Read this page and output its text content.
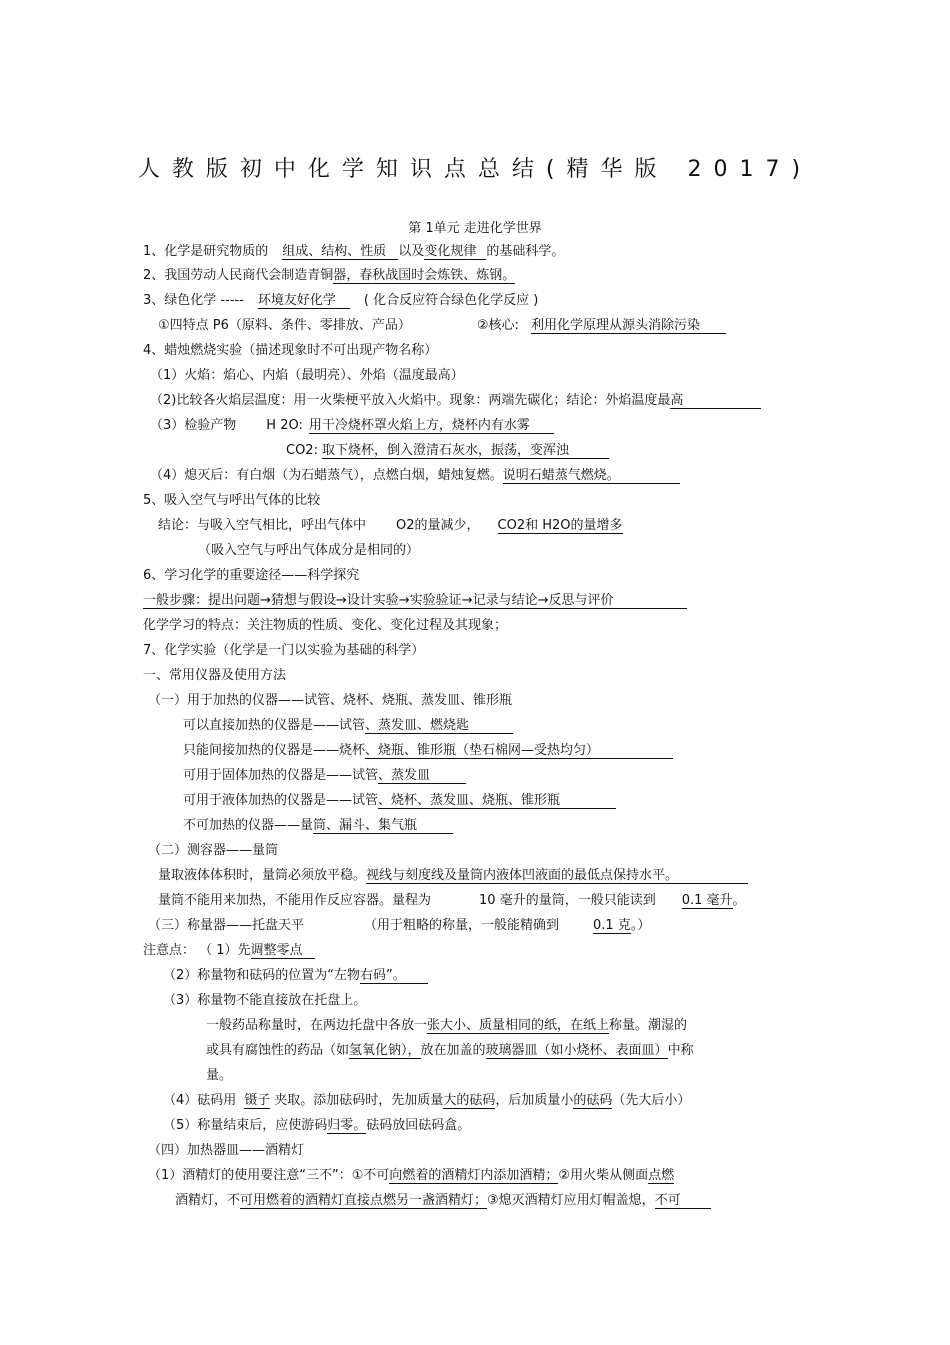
人教版初中化学知识点总结(精华版 2017)
第 1单元 走进化学世界
1、化学是研究物质的 组成、结构、性质 以及变化规律 的基础科学。
2、我国劳动人民商代会制造青铜器，春秋战国时会炼铁、炼钢。
3、绿色化学 ----- 环境友好化学 ( 化合反应符合绿色化学反应 )
①四特点 P6（原料、条件、零排放、产品）	②核心: 利用化学原理从源头消除污染
4、蜡烛燃烧实验（描述现象时不可出现产物名称）
（1）火焰：焰心、内焰（最明亮）、外焰（温度最高）
（2)比较各火焰层温度：用一火柴梗平放入火焰中。现象：两端先碳化；结论：外焰温度最高
（3）检验产物 H 2O: 用干冷烧杯罩火焰上方，烧杯内有水雾
CO2: 取下烧杯，倒入澄清石灰水，振荡，变浑浊
（4）熄灭后：有白烟（为石蜡蒸气），点燃白烟，蜡烛复燃。说明石蜡蒸气燃烧。
5、吸入空气与呼出气体的比较
结论：与吸入空气相比，呼出气体中 O2的量减少， CO2和 H2O的量增多
（吸入空气与呼出气体成分是相同的）
6、学习化学的重要途径——科学探究
一般步骤：提出问题→猜想与假设→设计实验→实验验证→记录与结论→反思与评价
化学学习的特点：关注物质的性质、变化、变化过程及其现象；
7、化学实验（化学是一门以实验为基础的科学）
一、常用仪器及使用方法
（一）用于加热的仪器——试管、烧杯、烧瓶、蒸发皿、锥形瓶
可以直接加热的仪器是——试管、蒸发皿、燃烧匙
只能间接加热的仪器是——烧杯、烧瓶、锥形瓶（垫石棉网—受热均匀）
可用于固体加热的仪器是——试管、蒸发皿
可用于液体加热的仪器是——试管、烧杯、蒸发皿、烧瓶、锥形瓶
不可加热的仪器——量筒、漏斗、集气瓶
（二）测容器——量筒
量取液体体积时，量筒必须放平稳。视线与刻度线及量筒内液体凹液面的最低点保持水平。
量筒不能用来加热，不能用作反应容器。量程为	10 毫升的量筒，一般只能读到 0.1 毫升。
（三）称量器——托盘天平	（用于粗略的称量，一般能精确到	0.1 克。）
注意点： （ 1）先调整零点
（2）称量物和砝码的位置为“左物右码”。
（3）称量物不能直接放在托盘上。
一般药品称量时，在两边托盘中各放一张大小、质量相同的纸，在纸上称量。潮湿的
或具有腐蚀性的药品（如氢氧化钠），放在加盖的玻璃器皿（如小烧杯、表面皿）中称
量。
（4）砝码用 镊子 夹取。添加砝码时，先加质量大的砝码，后加质量小的砝码（先大后小）
（5）称量结束后，应使游码归零。砝码放回砝码盒。
（四）加热器皿——酒精灯
（1）酒精灯的使用要注意“三不”：①不可向燃着的酒精灯内添加酒精；②用火柴从侧面点燃
酒精灯，不可用燃着的酒精灯直接点燃另一盏酒精灯；③熄灭酒精灯应用灯帽盖熄，不可
